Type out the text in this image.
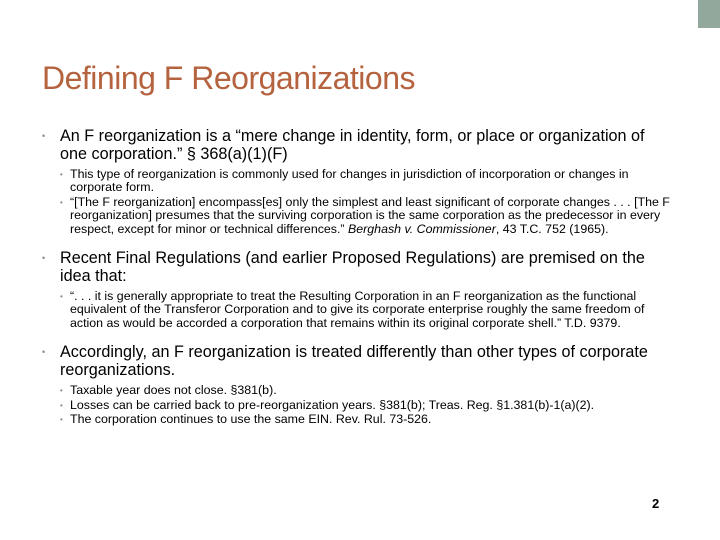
Defining F Reorganizations
• An F reorganization is a “mere change in identity, form, or place or organization of one corporation.” § 368(a)(1)(F)
• This type of reorganization is commonly used for changes in jurisdiction of incorporation or changes in corporate form.
• “[The F reorganization] encompass[es] only the simplest and least significant of corporate changes . . . [The F reorganization] presumes that the surviving corporation is the same corporation as the predecessor in every respect, except for minor or technical differences.” Berghash v. Commissioner, 43 T.C. 752 (1965).
• Recent Final Regulations (and earlier Proposed Regulations) are premised on the idea that:
• “. . . it is generally appropriate to treat the Resulting Corporation in an F reorganization as the functional equivalent of the Transferor Corporation and to give its corporate enterprise roughly the same freedom of action as would be accorded a corporation that remains within its original corporate shell.” T.D. 9379.
• Accordingly, an F reorganization is treated differently than other types of corporate reorganizations.
• Taxable year does not close. §381(b).
• Losses can be carried back to pre-reorganization years. §381(b); Treas. Reg. §1.381(b)-1(a)(2).
• The corporation continues to use the same EIN. Rev. Rul. 73-526.
2
